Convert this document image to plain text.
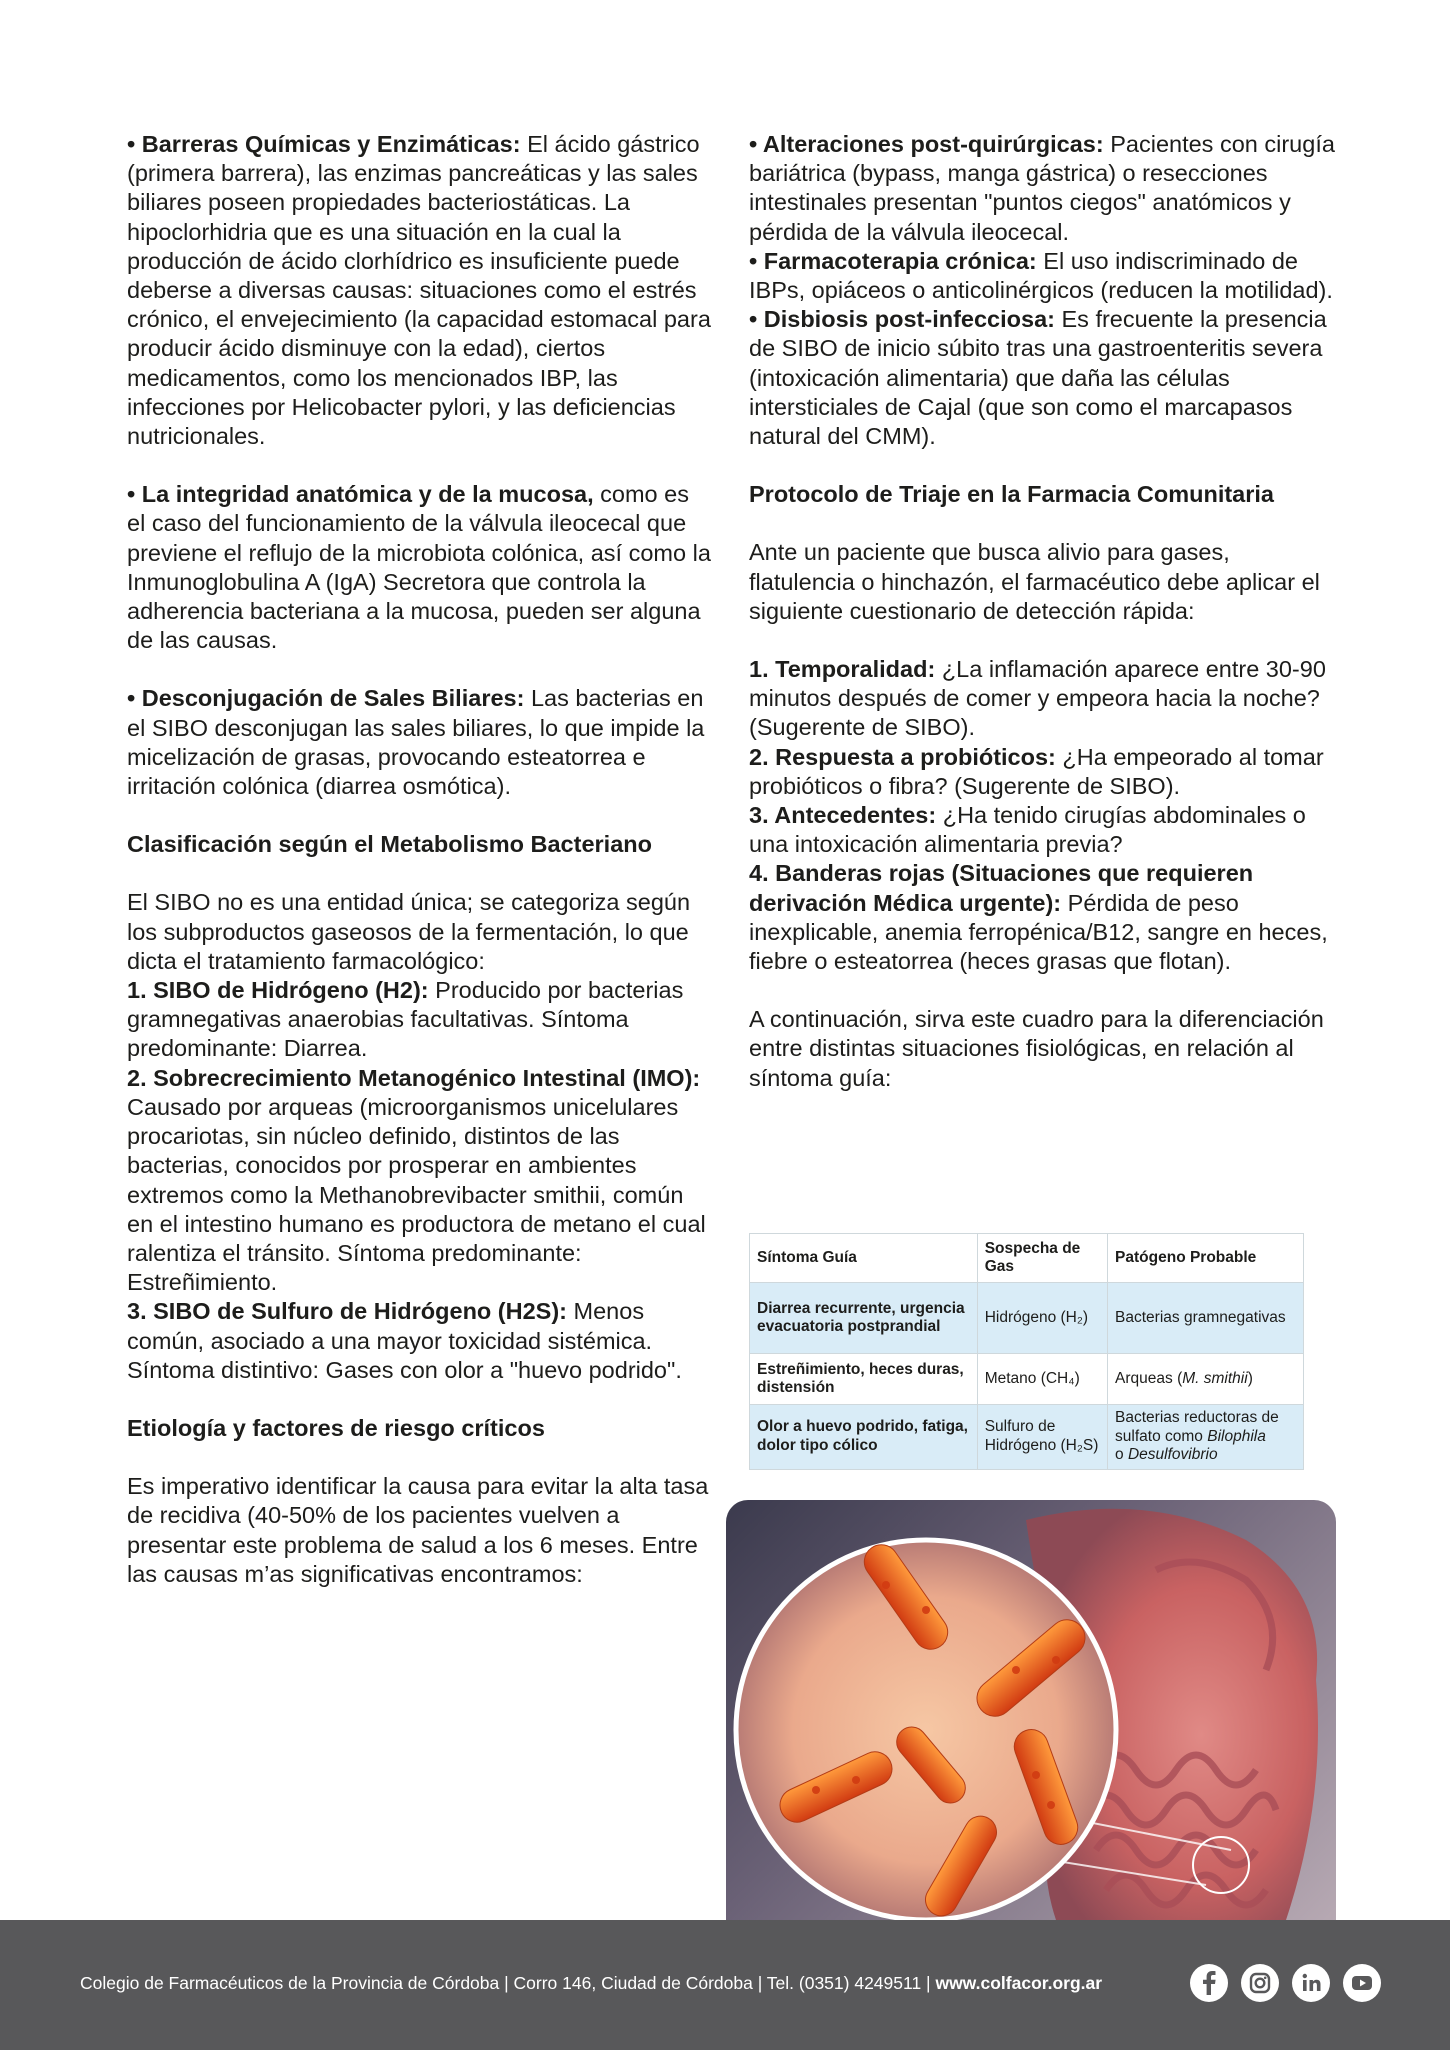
• Barreras Químicas y Enzimáticas: El ácido gástrico (primera barrera), las enzimas pancreáticas y las sales biliares poseen propiedades bacteriostáticas. La hipoclorhidria que es una situación en la cual la producción de ácido clorhídrico es insuficiente puede deberse a diversas causas: situaciones como el estrés crónico, el envejecimiento (la capacidad estomacal para producir ácido disminuye con la edad), ciertos medicamentos, como los mencionados IBP, las infecciones por Helicobacter pylori, y las deficiencias nutricionales.

• La integridad anatómica y de la mucosa, como es el caso del funcionamiento de la válvula ileocecal que previene el reflujo de la microbiota colónica, así como la Inmunoglobulina A (IgA) Secretora que controla la adherencia bacteriana a la mucosa, pueden ser alguna de las causas.

• Desconjugación de Sales Biliares: Las bacterias en el SIBO desconjugan las sales biliares, lo que impide la micelización de grasas, provocando esteatorrea e irritación colónica (diarrea osmótica).

Clasificación según el Metabolismo Bacteriano

El SIBO no es una entidad única; se categoriza según los subproductos gaseosos de la fermentación, lo que dicta el tratamiento farmacológico:

1. SIBO de Hidrógeno (H2): Producido por bacterias gramnegativas anaerobias facultativas. Síntoma predominante: Diarrea.

2. Sobrecrecimiento Metanogénico Intestinal (IMO): Causado por arqueas (microorganismos unicelulares procariotas, sin núcleo definido, distintos de las bacterias, conocidos por prosperar en ambientes extremos como la Methanobrevibacter smithii, común en el intestino humano es productora de metano el cual ralentiza el tránsito. Síntoma predominante: Estreñimiento.

3. SIBO de Sulfuro de Hidrógeno (H2S): Menos común, asociado a una mayor toxicidad sistémica. Síntoma distintivo: Gases con olor a "huevo podrido".

Etiología y factores de riesgo críticos

Es imperativo identificar la causa para evitar la alta tasa de recidiva (40-50% de los pacientes vuelven a presentar este problema de salud a los 6 meses. Entre las causas m’as significativas encontramos:

• Alteraciones post-quirúrgicas: Pacientes con cirugía bariátrica (bypass, manga gástrica) o resecciones intestinales presentan "puntos ciegos" anatómicos y pérdida de la válvula ileocecal.

• Farmacoterapia crónica: El uso indiscriminado de IBPs, opiáceos o anticolinérgicos (reducen la motilidad).

• Disbiosis post-infecciosa: Es frecuente la presencia de SIBO de inicio súbito tras una gastroenteritis severa (intoxicación alimentaria) que daña las células intersticiales de Cajal (que son como el marcapasos natural del CMM).

Protocolo de Triaje en la Farmacia Comunitaria

Ante un paciente que busca alivio para gases, flatulencia o hinchazón, el farmacéutico debe aplicar el siguiente cuestionario de detección rápida:

1. Temporalidad: ¿La inflamación aparece entre 30-90 minutos después de comer y empeora hacia la noche? (Sugerente de SIBO).

2. Respuesta a probióticos: ¿Ha empeorado al tomar probióticos o fibra? (Sugerente de SIBO).

3. Antecedentes: ¿Ha tenido cirugías abdominales o una intoxicación alimentaria previa?

4. Banderas rojas (Situaciones que requieren derivación Médica urgente): Pérdida de peso inexplicable, anemia ferropénica/B12, sangre en heces, fiebre o esteatorrea (heces grasas que flotan).

A continuación, sirva este cuadro para la diferenciación entre distintas situaciones fisiológicas, en relación al síntoma guía:

Síntoma Guía	Sospecha de Gas	Patógeno Probable
Diarrea recurrente, urgencia evacuatoria postprandial	Hidrógeno (H₂)	Bacterias gramnegativas
Estreñimiento, heces duras, distensión	Metano (CH₄)	Arqueas (M. smithii)
Olor a huevo podrido, fatiga, dolor tipo cólico	Sulfuro de Hidrógeno (H₂S)	Bacterias reductoras de sulfato como Bilophila
o Desulfovibrio
Colegio de Farmacéuticos de la Provincia de Córdoba | Corro 146, Ciudad de Córdoba | Tel. (0351) 4249511 | www.colfacor.org.ar
